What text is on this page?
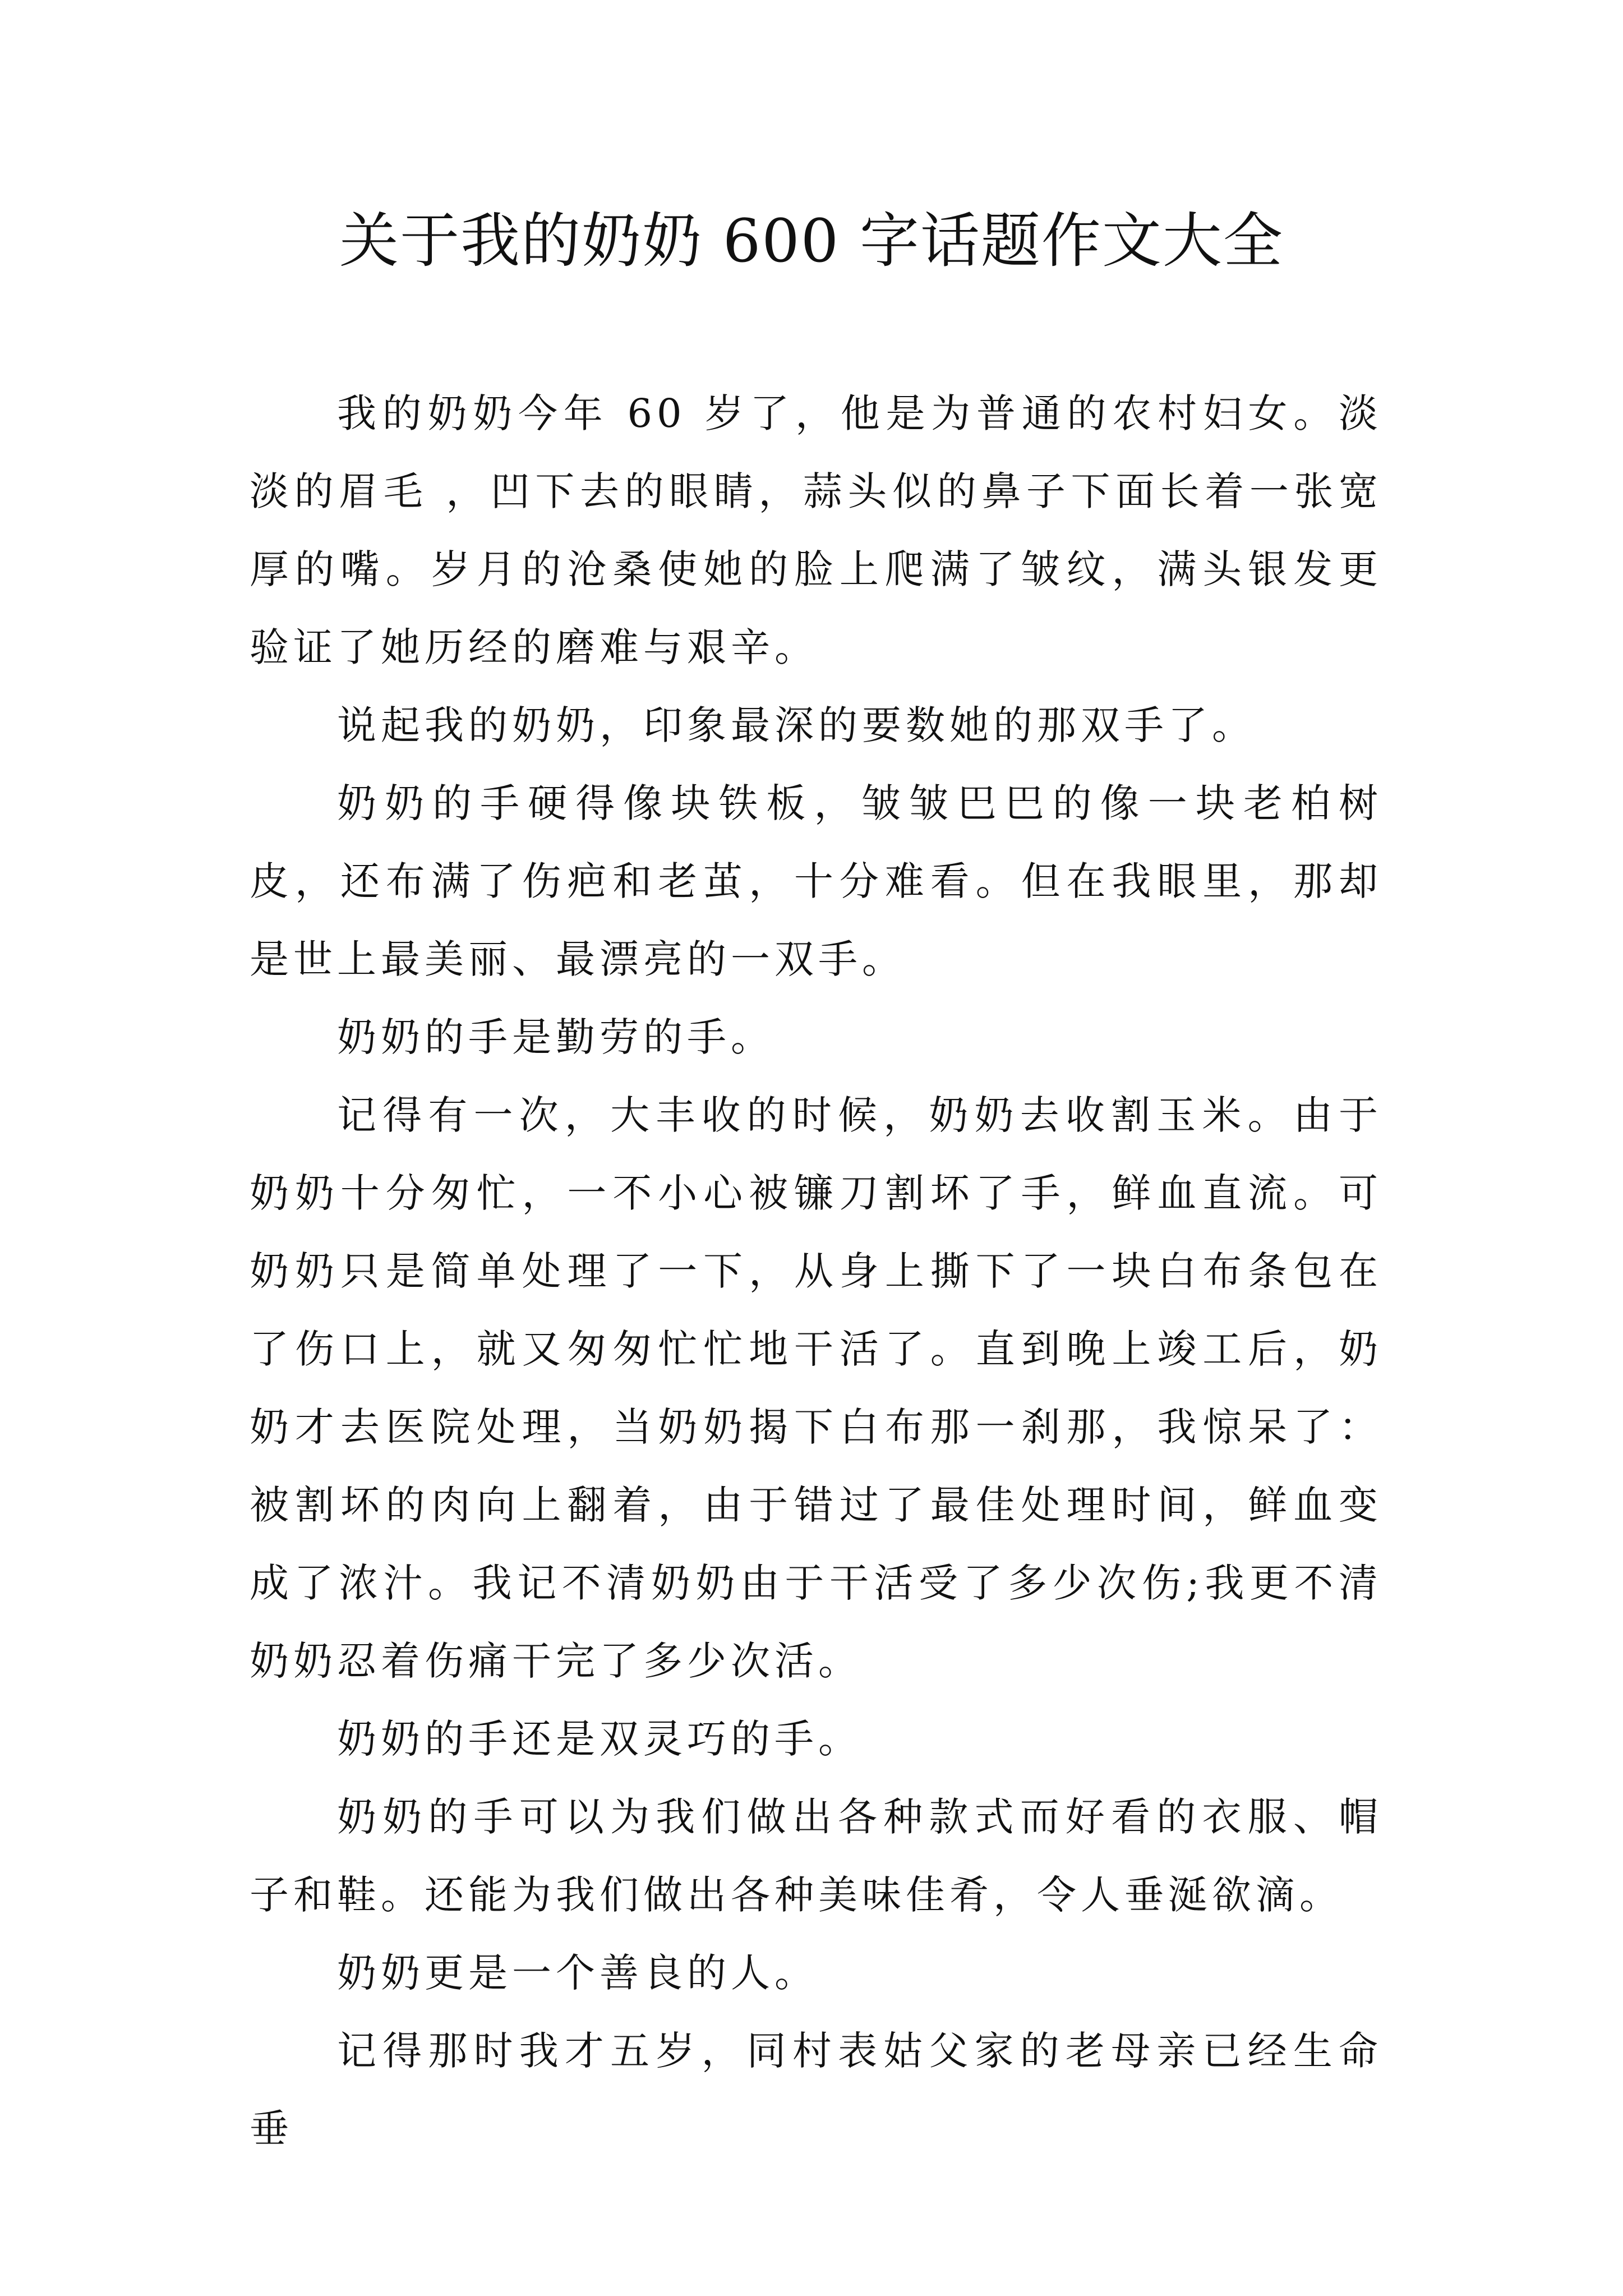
关于我的奶奶 600 字话题作文大全

我的奶奶今年 60 岁了，他是为普通的农村妇女。淡淡的眉毛 ，凹下去的眼睛，蒜头似的鼻子下面长着一张宽厚的嘴。岁月的沧桑使她的脸上爬满了皱纹，满头银发更验证了她历经的磨难与艰辛。

说起我的奶奶，印象最深的要数她的那双手了。

奶奶的手硬得像块铁板，皱皱巴巴的像一块老柏树皮，还布满了伤疤和老茧，十分难看。但在我眼里，那却是世上最美丽、最漂亮的一双手。

奶奶的手是勤劳的手。

记得有一次，大丰收的时候，奶奶去收割玉米。由于奶奶十分匆忙，一不小心被镰刀割坏了手，鲜血直流。可奶奶只是简单处理了一下，从身上撕下了一块白布条包在了伤口上，就又匆匆忙忙地干活了。直到晚上竣工后，奶奶才去医院处理，当奶奶揭下白布那一刹那，我惊呆了：被割坏的肉向上翻着，由于错过了最佳处理时间，鲜血变成了浓汁。我记不清奶奶由于干活受了多少次伤;我更不清奶奶忍着伤痛干完了多少次活。

奶奶的手还是双灵巧的手。

奶奶的手可以为我们做出各种款式而好看的衣服、帽子和鞋。还能为我们做出各种美味佳肴，令人垂涎欲滴。

奶奶更是一个善良的人。

记得那时我才五岁，同村表姑父家的老母亲已经生命垂
